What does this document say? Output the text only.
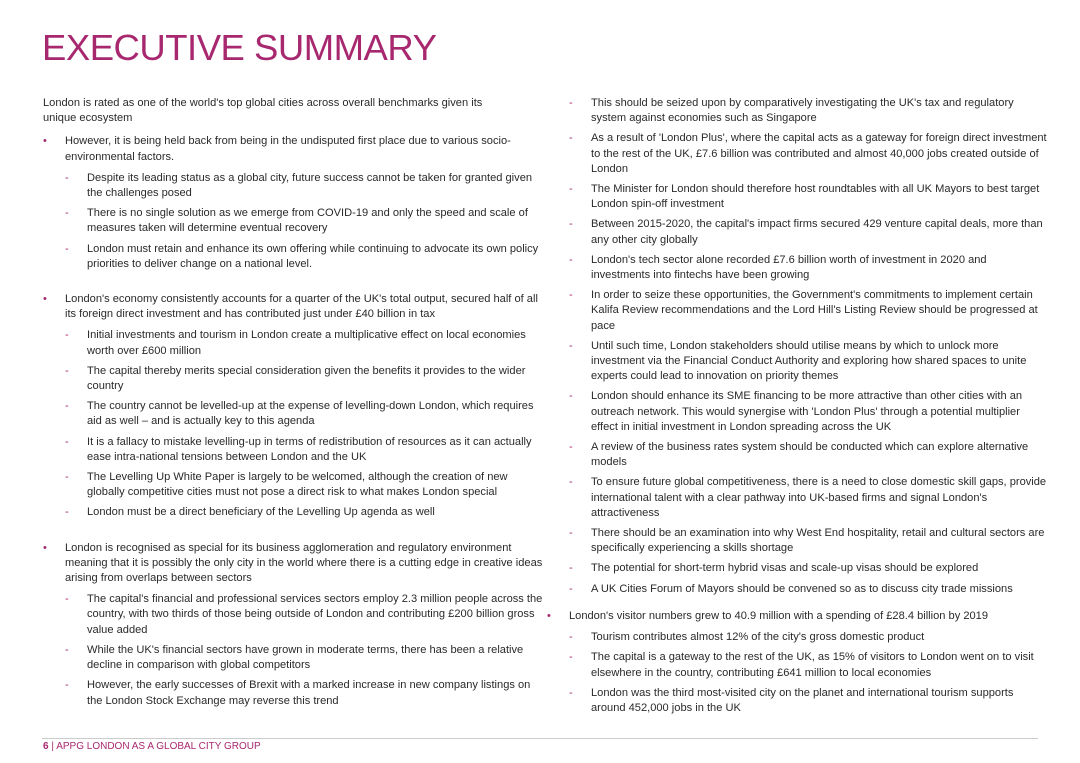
EXECUTIVE SUMMARY

London is rated as one of the world's top global cities across overall benchmarks given its unique ecosystem

• However, it is being held back from being in the undisputed first place due to various socio-environmental factors.
- Despite its leading status as a global city, future success cannot be taken for granted given the challenges posed
- There is no single solution as we emerge from COVID-19 and only the speed and scale of measures taken will determine eventual recovery
- London must retain and enhance its own offering while continuing to advocate its own policy priorities to deliver change on a national level.
• London's economy consistently accounts for a quarter of the UK's total output, secured half of all its foreign direct investment and has contributed just under £40 billion in tax
- Initial investments and tourism in London create a multiplicative effect on local economies worth over £600 million
- The capital thereby merits special consideration given the benefits it provides to the wider country
- The country cannot be levelled-up at the expense of levelling-down London, which requires aid as well – and is actually key to this agenda
- It is a fallacy to mistake levelling-up in terms of redistribution of resources as it can actually ease intra-national tensions between London and the UK
- The Levelling Up White Paper is largely to be welcomed, although the creation of new globally competitive cities must not pose a direct risk to what makes London special
- London must be a direct beneficiary of the Levelling Up agenda as well
• London is recognised as special for its business agglomeration and regulatory environment meaning that it is possibly the only city in the world where there is a cutting edge in creative ideas arising from overlaps between sectors
- The capital's financial and professional services sectors employ 2.3 million people across the country, with two thirds of those being outside of London and contributing £200 billion gross value added
- While the UK's financial sectors have grown in moderate terms, there has been a relative decline in comparison with global competitors
- However, the early successes of Brexit with a marked increase in new company listings on the London Stock Exchange may reverse this trend
- This should be seized upon by comparatively investigating the UK's tax and regulatory system against economies such as Singapore
- As a result of 'London Plus', where the capital acts as a gateway for foreign direct investment to the rest of the UK, £7.6 billion was contributed and almost 40,000 jobs created outside of London
- The Minister for London should therefore host roundtables with all UK Mayors to best target London spin-off investment
- Between 2015-2020, the capital's impact firms secured 429 venture capital deals, more than any other city globally
- London's tech sector alone recorded £7.6 billion worth of investment in 2020 and investments into fintechs have been growing
- In order to seize these opportunities, the Government's commitments to implement certain Kalifa Review recommendations and the Lord Hill's Listing Review should be progressed at pace
- Until such time, London stakeholders should utilise means by which to unlock more investment via the Financial Conduct Authority and exploring how shared spaces to unite experts could lead to innovation on priority themes
- London should enhance its SME financing to be more attractive than other cities with an outreach network. This would synergise with 'London Plus' through a potential multiplier effect in initial investment in London spreading across the UK
- A review of the business rates system should be conducted which can explore alternative models
- To ensure future global competitiveness, there is a need to close domestic skill gaps, provide international talent with a clear pathway into UK-based firms and signal London's attractiveness
- There should be an examination into why West End hospitality, retail and cultural sectors are specifically experiencing a skills shortage
- The potential for short-term hybrid visas and scale-up visas should be explored
- A UK Cities Forum of Mayors should be convened so as to discuss city trade missions
• London's visitor numbers grew to 40.9 million with a spending of £28.4 billion by 2019
- Tourism contributes almost 12% of the city's gross domestic product
- The capital is a gateway to the rest of the UK, as 15% of visitors to London went on to visit elsewhere in the country, contributing £641 million to local economies
- London was the third most-visited city on the planet and international tourism supports around 452,000 jobs in the UK
6 | APPG LONDON AS A GLOBAL CITY GROUP
